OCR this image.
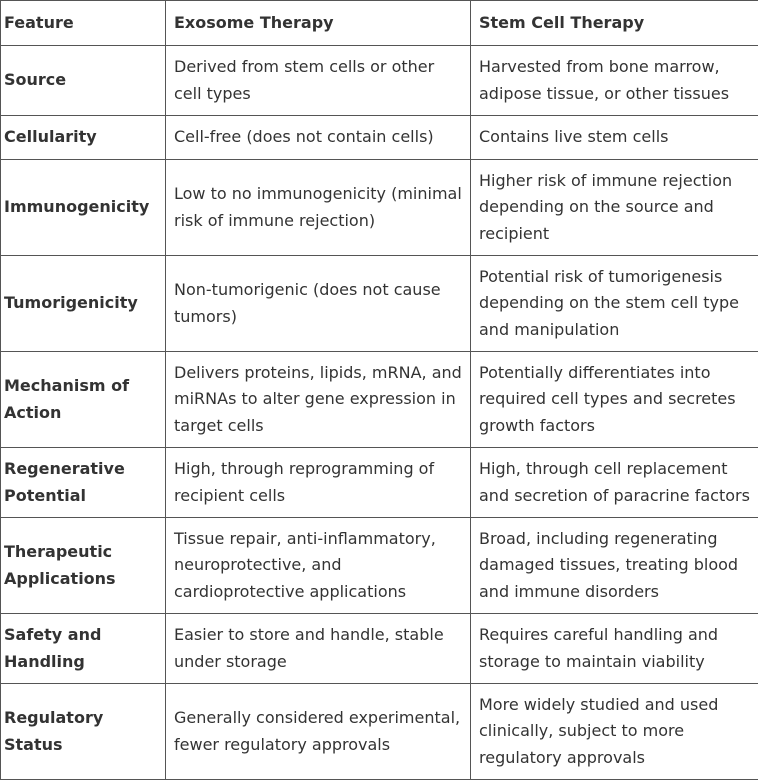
Feature	Exosome Therapy	Stem Cell Therapy
Source	Derived from stem cells or other cell types	Harvested from bone marrow, adipose tissue, or other tissues
Cellularity	Cell-free (does not contain cells)	Contains live stem cells
Immunogenicity	Low to no immunogenicity (minimal risk of immune rejection)	Higher risk of immune rejection depending on the source and recipient
Tumorigenicity	Non-tumorigenic (does not cause tumors)	Potential risk of tumorigenesis depending on the stem cell type and manipulation
Mechanism of Action	Delivers proteins, lipids, mRNA, and miRNAs to alter gene expression in target cells	Potentially differentiates into required cell types and secretes growth factors
Regenerative Potential	High, through reprogramming of recipient cells	High, through cell replacement and secretion of paracrine factors
Therapeutic Applications	Tissue repair, anti-inflammatory, neuroprotective, and cardioprotective applications	Broad, including regenerating damaged tissues, treating blood and immune disorders
Safety and Handling	Easier to store and handle, stable under storage	Requires careful handling and storage to maintain viability
Regulatory Status	Generally considered experimental, fewer regulatory approvals	More widely studied and used clinically, subject to more regulatory approvals
